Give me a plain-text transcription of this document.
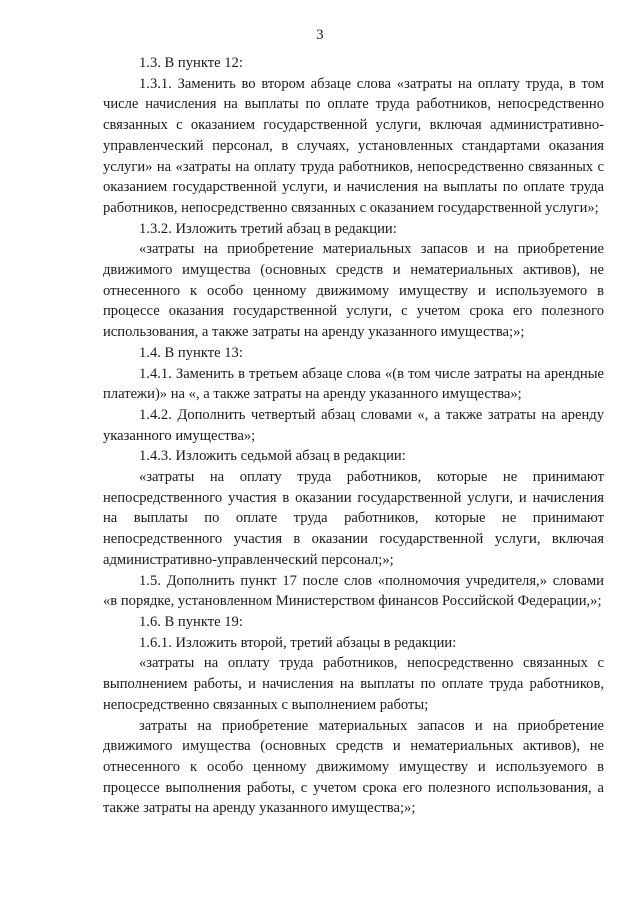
3

1.3. В пункте 12:

1.3.1. Заменить во втором абзаце слова «затраты на оплату труда, в том числе начисления на выплаты по оплате труда работников, непосредственно связанных с оказанием государственной услуги, включая административно-управленческий персонал, в случаях, установленных стандартами оказания услуги» на «затраты на оплату труда работников, непосредственно связанных с оказанием государственной услуги, и начисления на выплаты по оплате труда работников, непосредственно связанных с оказанием государственной услуги»;

1.3.2. Изложить третий абзац в редакции:

«затраты на приобретение материальных запасов и на приобретение движимого имущества (основных средств и нематериальных активов), не отнесенного к особо ценному движимому имуществу и используемого в процессе оказания государственной услуги, с учетом срока его полезного использования, а также затраты на аренду указанного имущества;»;

1.4. В пункте 13:

1.4.1. Заменить в третьем абзаце слова «(в том числе затраты на арендные платежи)» на «, а также затраты на аренду указанного имущества»;

1.4.2. Дополнить четвертый абзац словами «, а также затраты на аренду указанного имущества»;

1.4.3. Изложить седьмой абзац в редакции:

«затраты на оплату труда работников, которые не принимают непосредственного участия в оказании государственной услуги, и начисления на выплаты по оплате труда работников, которые не принимают непосредственного участия в оказании государственной услуги, включая административно-управленческий персонал;»;

1.5. Дополнить пункт 17 после слов «полномочия учредителя,» словами «в порядке, установленном Министерством финансов Российской Федерации,»;

1.6. В пункте 19:

1.6.1. Изложить второй, третий абзацы в редакции:

«затраты на оплату труда работников, непосредственно связанных с выполнением работы, и начисления на выплаты по оплате труда работников, непосредственно связанных с выполнением работы;

затраты на приобретение материальных запасов и на приобретение движимого имущества (основных средств и нематериальных активов), не отнесенного к особо ценному движимому имуществу и используемого в процессе выполнения работы, с учетом срока его полезного использования, а также затраты на аренду указанного имущества;»;
